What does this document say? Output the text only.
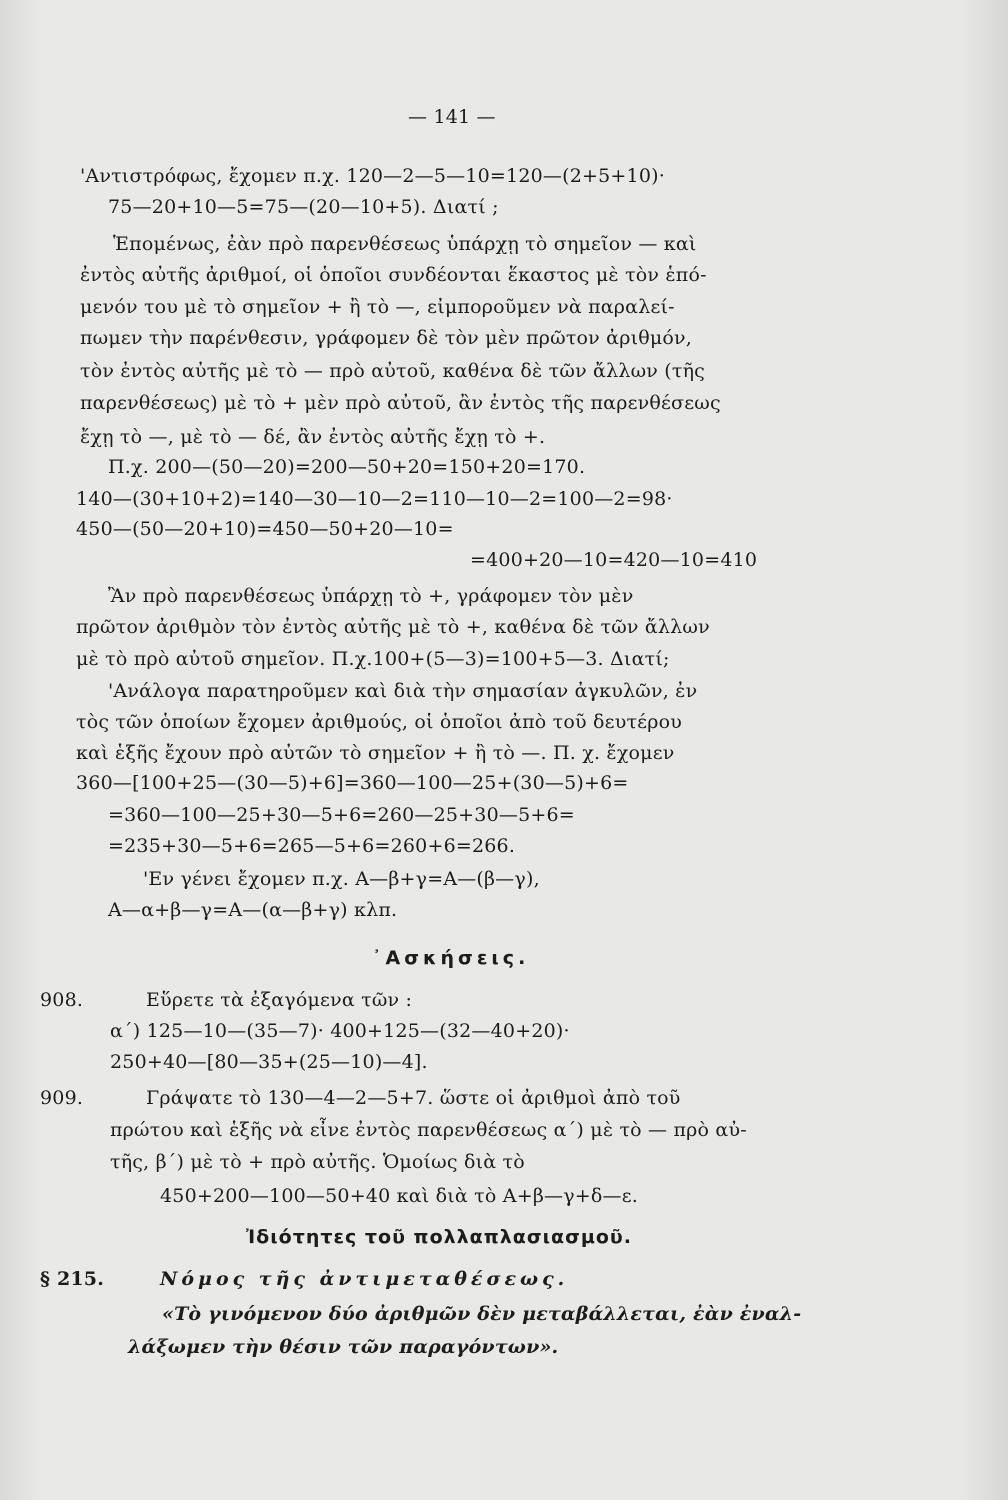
— 141 —
'Αντιστρόφως, ἔχομεν π.χ. 120—2—5—10=120—(2+5+10)·
75—20+10—5=75—(20—10+5). Διατί ;
Ἑπομένως, ἐὰν πρὸ παρενθέσεως ὑπάρχῃ τὸ σημεῖον — καὶ
ἐντὸς αὐτῆς ἀριθμοί, οἱ ὁποῖοι συνδέονται ἕκαστος μὲ τὸν ἑπό-
μενόν του μὲ τὸ σημεῖον + ἢ τὸ —, εἰμποροῦμεν νὰ παραλεί-
πωμεν τὴν παρένθεσιν, γράφομεν δὲ τὸν μὲν πρῶτον ἀριθμόν,
τὸν ἐντὸς αὐτῆς μὲ τὸ — πρὸ αὐτοῦ, καθένα δὲ τῶν ἄλλων (τῆς
παρενθέσεως) μὲ τὸ + μὲν πρὸ αὐτοῦ, ἂν ἐντὸς τῆς παρενθέσεως
ἔχῃ τὸ —, μὲ τὸ — δέ, ἂν ἐντὸς αὐτῆς ἔχῃ τὸ +.
Π.χ. 200—(50—20)=200—50+20=150+20=170.
140—(30+10+2)=140—30—10—2=110—10—2=100—2=98·
450—(50—20+10)=450—50+20—10=
=400+20—10=420—10=410
Ἂν πρὸ παρενθέσεως ὑπάρχῃ τὸ +, γράφομεν τὸν μὲν
πρῶτον ἀριθμὸν τὸν ἐντὸς αὐτῆς μὲ τὸ +, καθένα δὲ τῶν ἄλλων
μὲ τὸ πρὸ αὐτοῦ σημεῖον. Π.χ.100+(5—3)=100+5—3. Διατί;
'Ανάλογα παρατηροῦμεν καὶ διὰ τὴν σημασίαν ἀγκυλῶν, ἐν
τὸς τῶν ὁποίων ἔχομεν ἀριθμούς, οἱ ὁποῖοι ἀπὸ τοῦ δευτέρου
καὶ ἑξῆς ἔχουν πρὸ αὐτῶν τὸ σημεῖον + ἢ τὸ —. Π. χ. ἔχομεν
360—[100+25—(30—5)+6]=360—100—25+(30—5)+6=
=360—100—25+30—5+6=260—25+30—5+6=
=235+30—5+6=265—5+6=260+6=266.
'Εν γένει ἔχομεν π.χ. Α—β+γ=Α—(β—γ),
Α—α+β—γ=Α—(α—β+γ) κλπ.
᾿Ασκήσεις.
908.	Εὕρετε τὰ ἐξαγόμενα τῶν :
α΄) 125—10—(35—7)· 400+125—(32—40+20)·
250+40—[80—35+(25—10)—4].
909.	Γράψατε τὸ 130—4—2—5+7. ὥστε οἱ ἀριθμοὶ ἀπὸ τοῦ
πρώτου καὶ ἑξῆς νὰ εἶνε ἐντὸς παρενθέσεως α΄) μὲ τὸ — πρὸ αὐ-
τῆς, β΄) μὲ τὸ + πρὸ αὐτῆς. Ὁμοίως διὰ τὸ
450+200—100—50+40 καὶ διὰ τὸ Α+β—γ+δ—ε.
Ἰδιότητες τοῦ πολλαπλασιασμοῦ.
§ 215.	Νόμος τῆς ἀντιμεταθέσεως.
«Τὸ γινόμενον δύο ἀριθμῶν δὲν μεταβάλλεται, ἐὰν ἐναλ-
λάξωμεν τὴν θέσιν τῶν παραγόντων».
